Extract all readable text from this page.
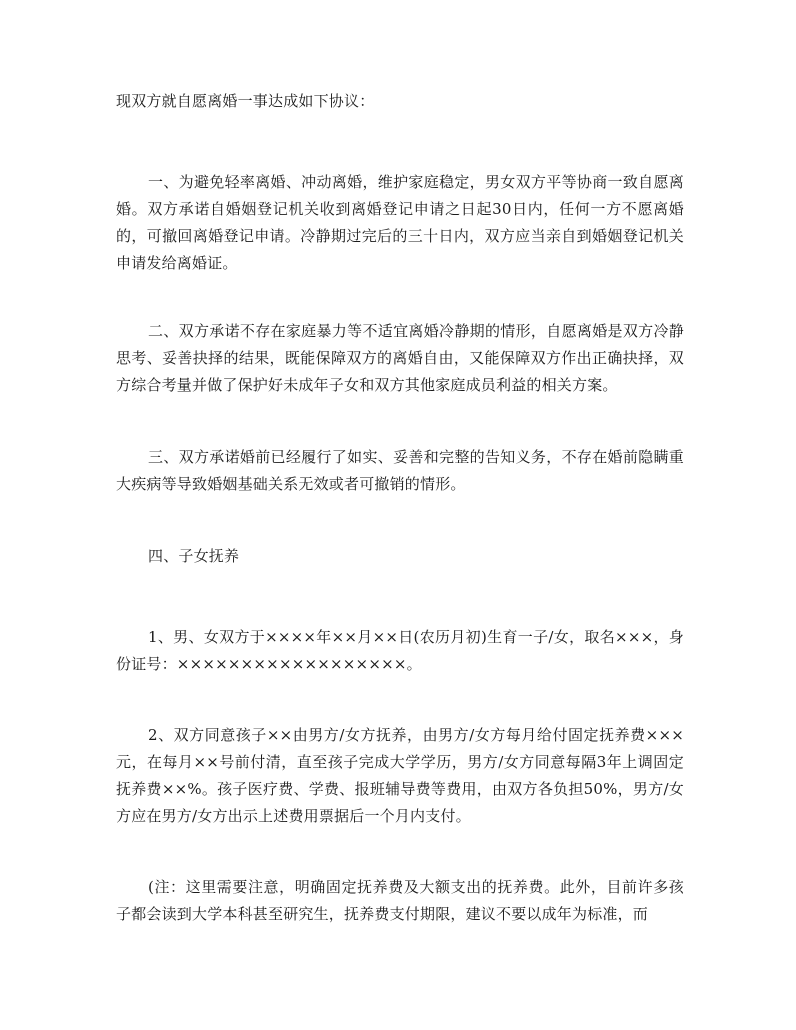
现双方就自愿离婚一事达成如下协议：

一、为避免轻率离婚、冲动离婚，维护家庭稳定，男女双方平等协商一致自愿离婚。双方承诺自婚姻登记机关收到离婚登记申请之日起30日内，任何一方不愿离婚的，可撤回离婚登记申请。冷静期过完后的三十日内，双方应当亲自到婚姻登记机关申请发给离婚证。

二、双方承诺不存在家庭暴力等不适宜离婚冷静期的情形，自愿离婚是双方冷静思考、妥善抉择的结果，既能保障双方的离婚自由，又能保障双方作出正确抉择，双方综合考量并做了保护好未成年子女和双方其他家庭成员利益的相关方案。

三、双方承诺婚前已经履行了如实、妥善和完整的告知义务，不存在婚前隐瞒重大疾病等导致婚姻基础关系无效或者可撤销的情形。

四、子女抚养

1、男、女双方于××××年××月××日(农历月初)生育一子/女，取名×××，身份证号：××××××××××××××××××。

2、双方同意孩子××由男方/女方抚养，由男方/女方每月给付固定抚养费×××元，在每月××号前付清，直至孩子完成大学学历，男方/女方同意每隔3年上调固定抚养费××%。孩子医疗费、学费、报班辅导费等费用，由双方各负担50%，男方/女方应在男方/女方出示上述费用票据后一个月内支付。

(注：这里需要注意，明确固定抚养费及大额支出的抚养费。此外，目前许多孩子都会读到大学本科甚至研究生，抚养费支付期限，建议不要以成年为标准，而
